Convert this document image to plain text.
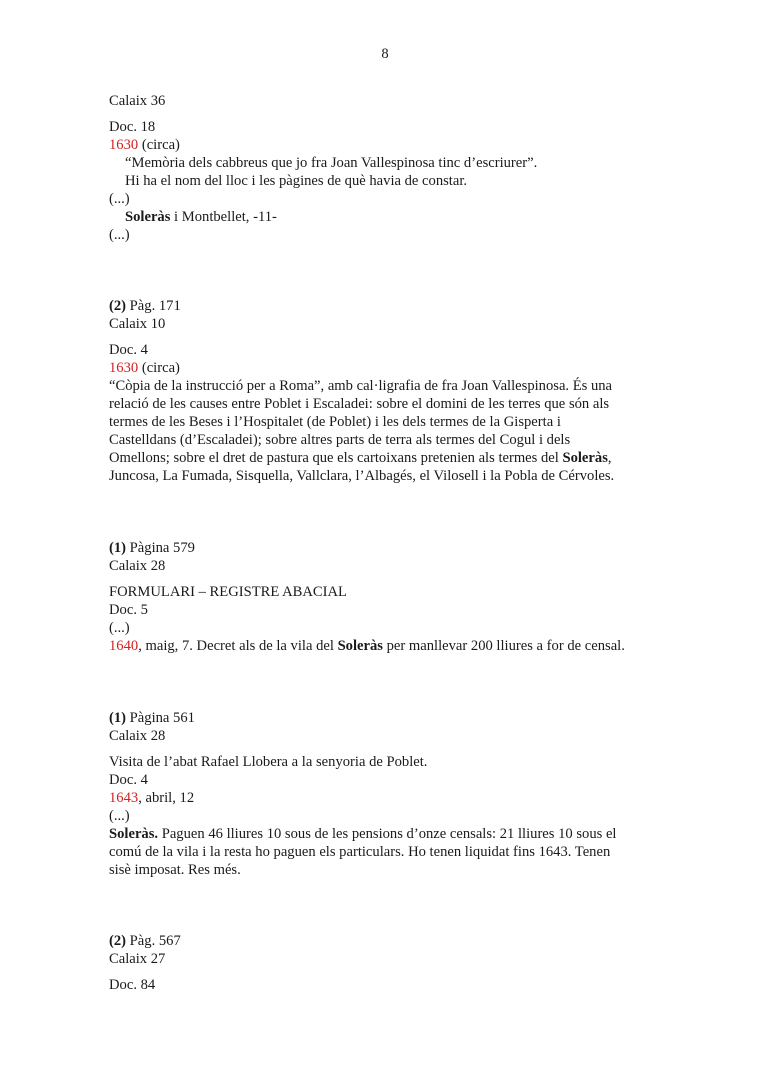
8
Calaix 36
Doc. 18
1630 (circa)
“Memòria dels cabbreus que jo fra Joan Vallespinosa tinc d’escriurer”.
Hi ha el nom del lloc i les pàgines de què havia de constar.
(...)
Soleràs i Montbellet, -11-
(...)
(2) Pàg. 171
Calaix 10
Doc. 4
1630 (circa)
“Còpia de la instrucció per a Roma”, amb cal·ligrafia de fra Joan Vallespinosa. És una
relació de les causes entre Poblet i Escaladei: sobre el domini de les terres que són als
termes de les Beses i l’Hospitalet (de Poblet) i les dels termes de la Gisperta i
Castelldans (d’Escaladei); sobre altres parts de terra als termes del Cogul i dels
Omellons; sobre el dret de pastura que els cartoixans pretenien als termes del Soleràs,
Juncosa, La Fumada, Sisquella, Vallclara, l’Albagés, el Vilosell i la Pobla de Cérvoles.
(1) Pàgina 579
Calaix 28
FORMULARI – REGISTRE ABACIAL
Doc. 5
(...)
1640, maig, 7. Decret als de la vila del Soleràs per manllevar 200 lliures a for de censal.
(1) Pàgina 561
Calaix 28
Visita de l’abat Rafael Llobera a la senyoria de Poblet.
Doc. 4
1643, abril, 12
(...)
Soleràs. Paguen 46 lliures 10 sous de les pensions d’onze censals: 21 lliures 10 sous el
comú de la vila i la resta ho paguen els particulars. Ho tenen liquidat fins 1643. Tenen
sisè imposat. Res més.
(2) Pàg. 567
Calaix 27
Doc. 84
